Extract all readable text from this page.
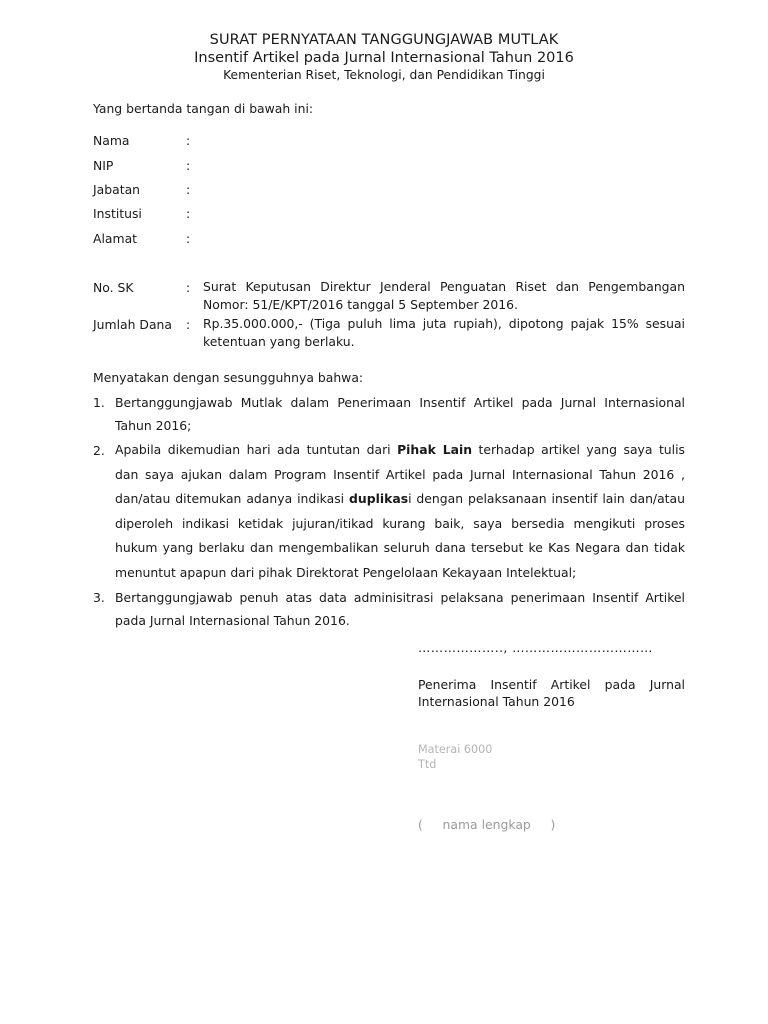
SURAT PERNYATAAN TANGGUNGJAWAB MUTLAK
Insentif Artikel pada Jurnal Internasional Tahun 2016
Kementerian Riset, Teknologi, dan Pendidikan Tinggi
Yang bertanda tangan di bawah ini:
Nama	:
NIP	:
Jabatan	:
Institusi	:
Alamat	:
No. SK	: Surat Keputusan Direktur Jenderal Penguatan Riset dan Pengembangan
Nomor: 51/E/KPT/2016 tanggal 5 September 2016.
Jumlah Dana : Rp.35.000.000,- (Tiga puluh lima juta rupiah), dipotong pajak 15% sesuai
ketentuan yang berlaku.
Menyatakan dengan sesungguhnya bahwa:
1. Bertanggungjawab Mutlak dalam Penerimaan Insentif Artikel pada Jurnal Internasional
Tahun 2016;
2. Apabila dikemudian hari ada tuntutan dari Pihak Lain terhadap artikel yang saya tulis
dan saya ajukan dalam Program Insentif Artikel pada Jurnal Internasional Tahun 2016 ,
dan/atau ditemukan adanya indikasi duplikasi dengan pelaksanaan insentif lain dan/atau
diperoleh indikasi ketidak jujuran/itikad kurang baik, saya bersedia mengikuti proses
hukum yang berlaku dan mengembalikan seluruh dana tersebut ke Kas Negara dan tidak
menuntut apapun dari pihak Direktorat Pengelolaan Kekayaan Intelektual;
3. Bertanggungjawab penuh atas data adminisitrasi pelaksana penerimaan Insentif Artikel
pada Jurnal Internasional Tahun 2016.
……………….., ……………………………
Penerima Insentif Artikel pada Jurnal
Internasional Tahun 2016
Materai 6000
Ttd
(     nama lengkap     )
